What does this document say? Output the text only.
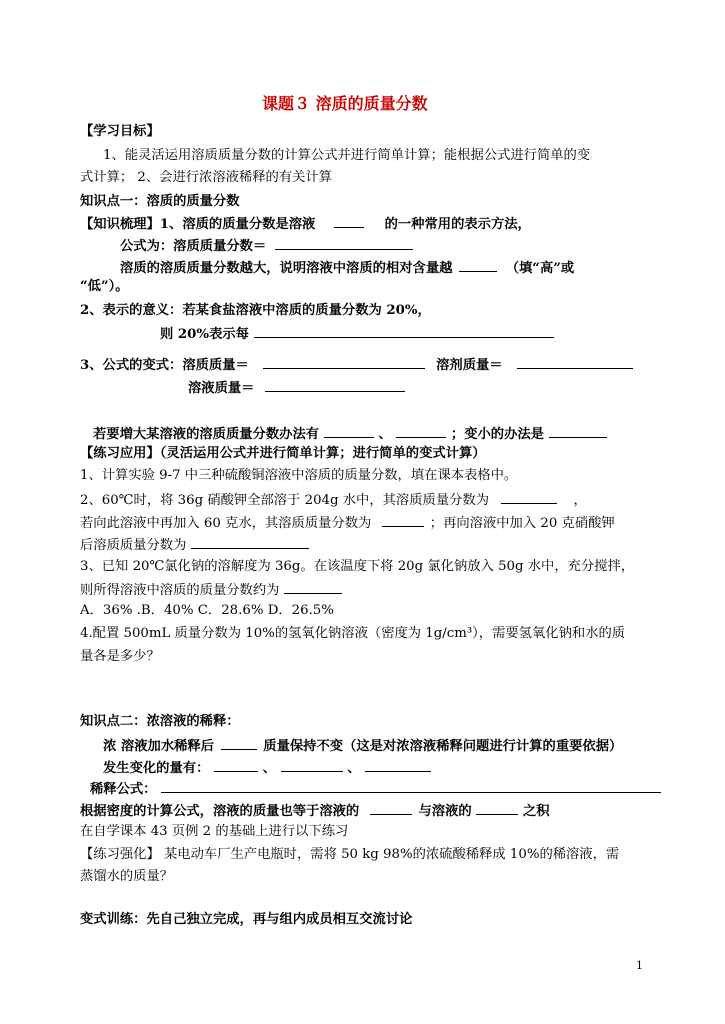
课题３ 溶质的质量分数
【学习目标】
1、能灵活运用溶质质量分数的计算公式并进行简单计算；能根据公式进行简单的变
式计算； 2、会进行浓溶液稀释的有关计算
知识点一：溶质的质量分数
【知识梳理】1、溶质的质量分数是溶液	的一种常用的表示方法，
公式为：溶质质量分数＝
溶质的溶质质量分数越大，说明溶液中溶质的相对含量越	（填“高”或
“低”）。
2、表示的意义：若某食盐溶液中溶质的质量分数为 20%，
则 20%表示每
3、公式的变式：溶质质量＝	溶剂质量＝
溶液质量＝
若要増大某溶液的溶质质量分数办法有	、	；变小的办法是
【练习应用】（灵活运用公式并进行简单计算；进行简单的变式计算）
1、计算实验 9-7 中三种硫酸铜溶液中溶质的质量分数，填在课本表格中。
2、60℃时，将 36g 硝酸钾全部溶于 204g 水中，其溶质质量分数为	，
若向此溶液中再加入 60 克水，其溶质质量分数为	；再向溶液中加入 20 克硝酸钾
后溶质质量分数为
3、已知 20℃氯化钠的溶解度为 36g。在该温度下将 20g 氯化钠放入 50g 水中，充分搅拌，
则所得溶液中溶质的质量分数约为
A．36% .B．40% C．28.6% D．26.5%
4.配置 500mL 质量分数为 10%的氢氧化钠溶液（密度为 1g/cm³），需要氢氧化钠和水的质
量各是多少？
知识点二：浓溶液的稀释：
浓 溶液加水稀释后	质量保持不变（这是对浓溶液稀释问题进行计算的重要依据）
发生变化的量有：	、	、
稀释公式：
根据密度的计算公式，溶液的质量也等于溶液的	与溶液的	之积
在自学课本 43 页例 2 的基础上进行以下练习
【练习强化】 某电动车厂生产电瓶时，需将 50 kg 98%的浓硫酸稀释成 10%的稀溶液，需
蒸馏水的质量？
变式训练：先自己独立完成，再与组内成员相互交流讨论
1
